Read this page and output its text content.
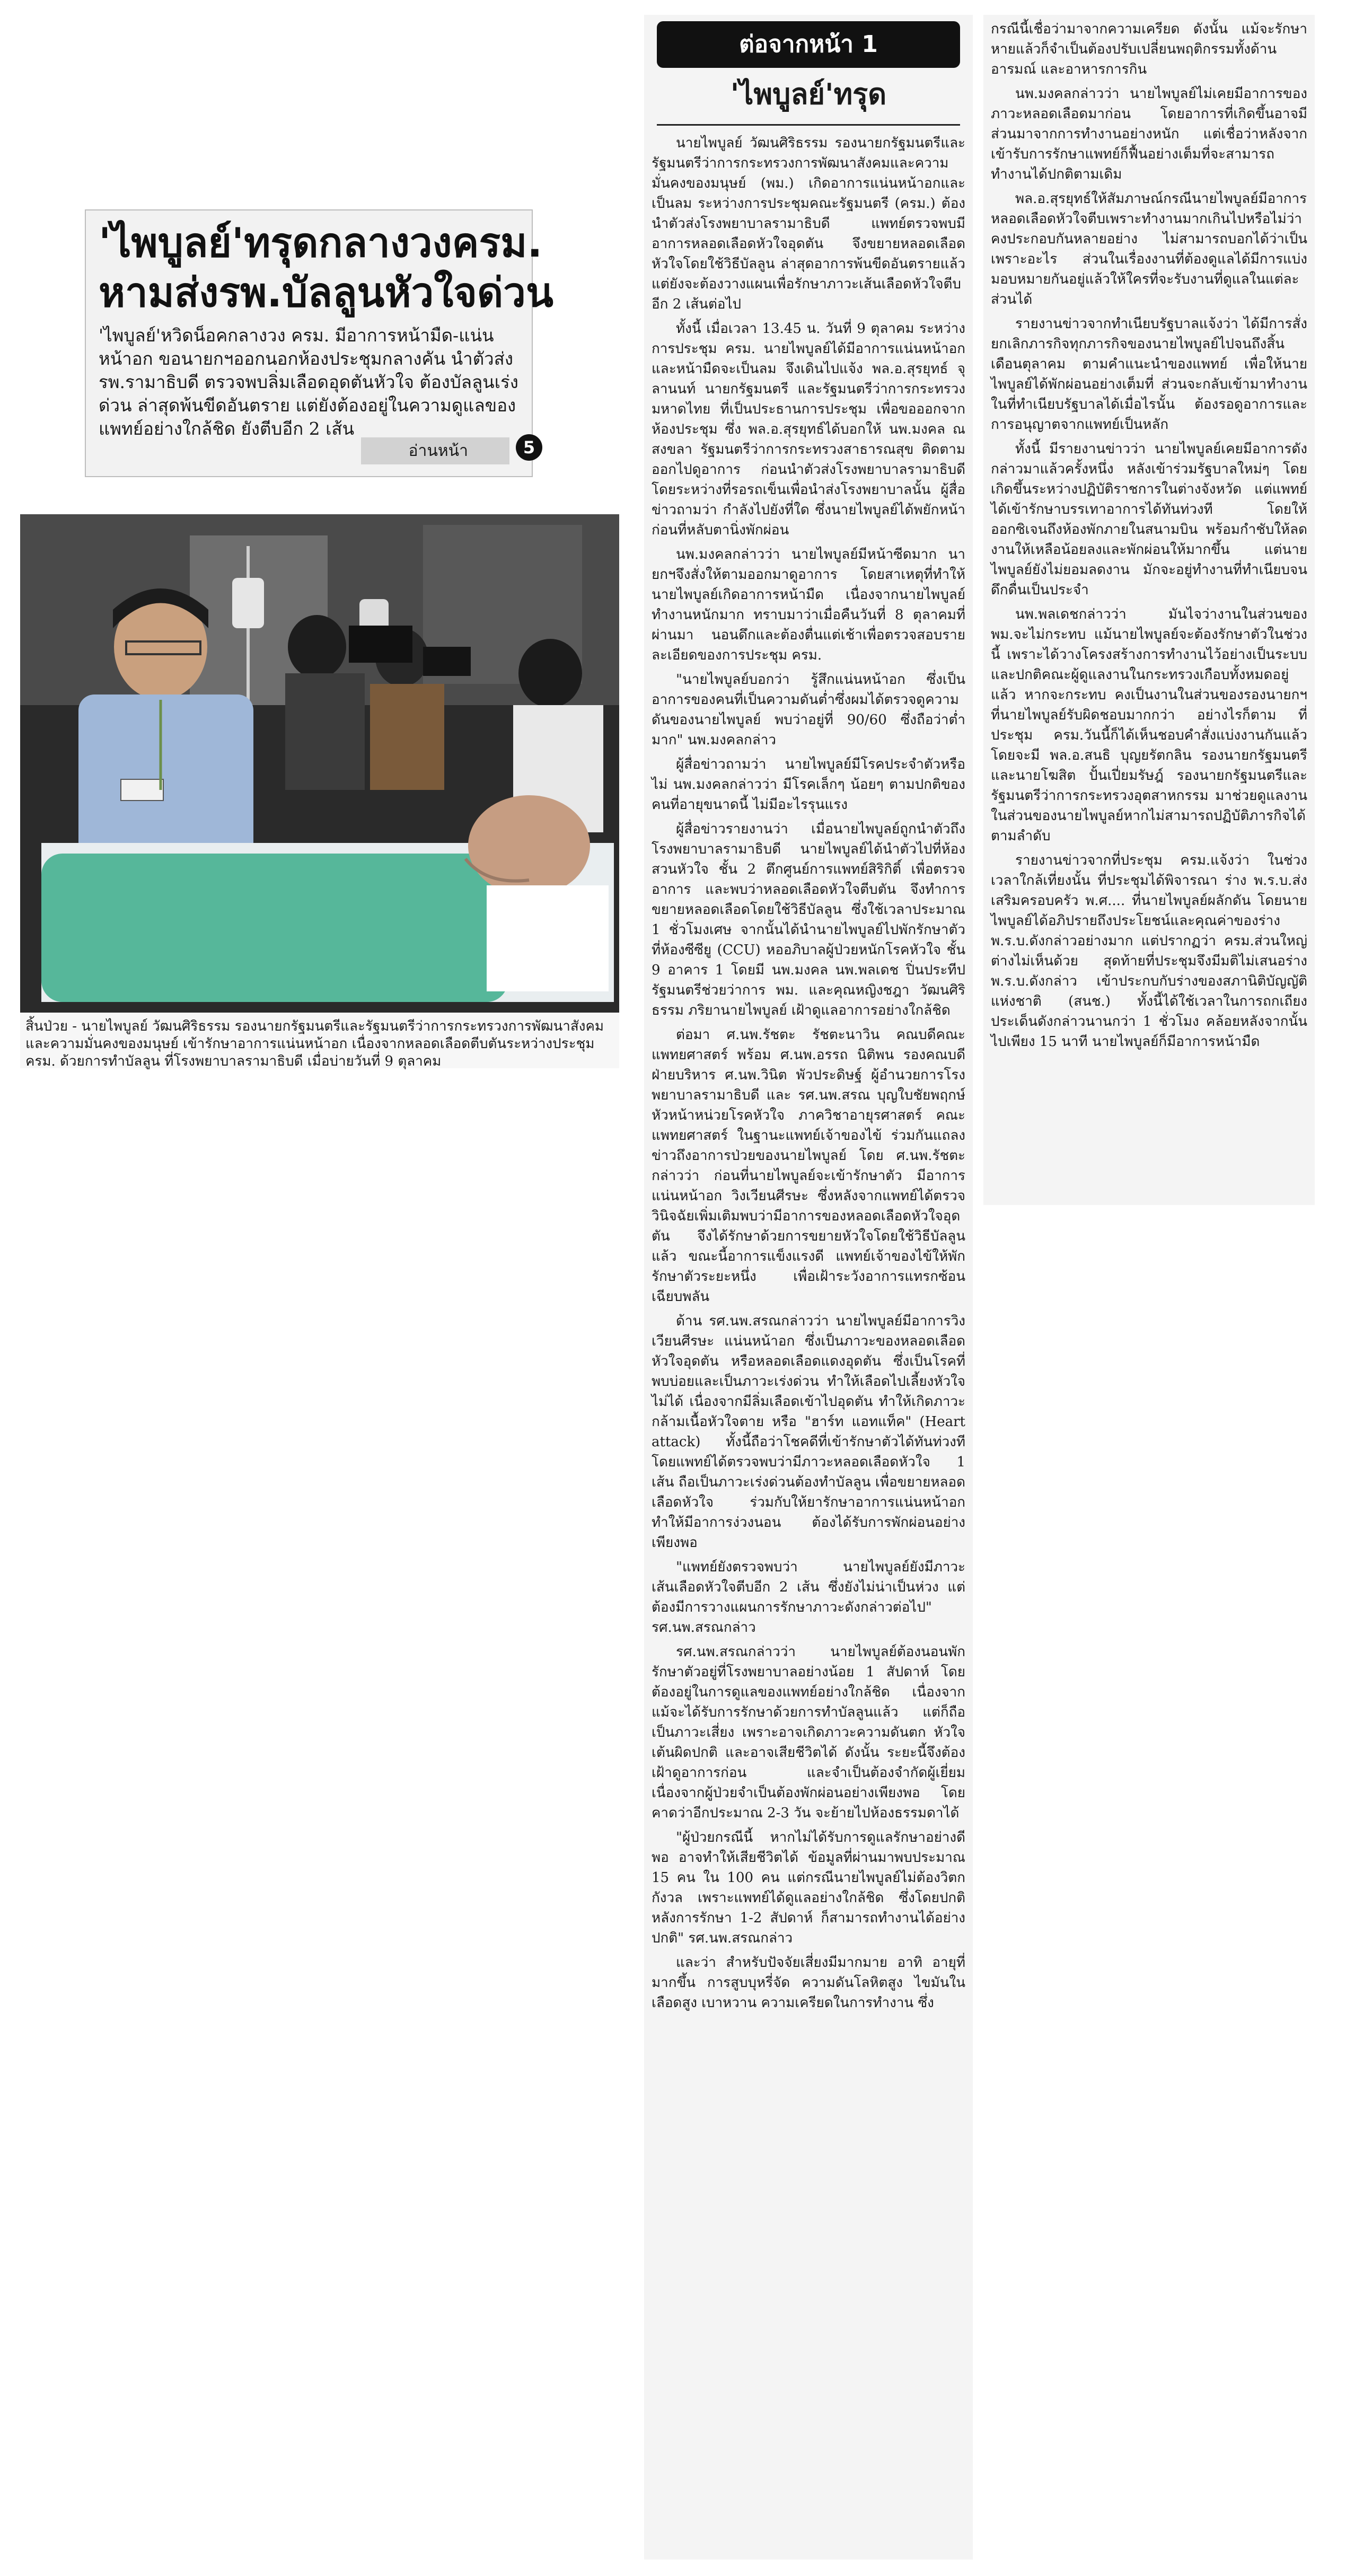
'ไพบูลย์'ทรุดกลางวงครม.
หามส่งรพ.บัลลูนหัวใจด่วน
'ไพบูลย์'หวิดน็อคกลางวง ครม. มีอาการหน้ามืด-แน่นหน้าอก ขอนายกฯออกนอกห้องประชุมกลางคัน นำตัวส่ง รพ.รามาธิบดี ตรวจพบลิ่มเลือดอุดตันหัวใจ ต้องบัลลูนเร่งด่วน ล่าสุดพ้นขีดอันตราย แต่ยังต้องอยู่ในความดูแลของแพทย์อย่างใกล้ชิด ยังตีบอีก 2 เส้น
อ่านหน้า	5
สิ้นป่วย - นายไพบูลย์ วัฒนศิริธรรม รองนายกรัฐมนตรีและรัฐมนตรีว่าการกระทรวงการพัฒนาสังคมและความมั่นคงของมนุษย์ เข้ารักษาอาการแน่นหน้าอก เนื่องจากหลอดเลือดตีบตันระหว่างประชุม ครม. ด้วยการทำบัลลูน ที่โรงพยาบาลรามาธิบดี เมื่อบ่ายวันที่ 9 ตุลาคม
ต่อจากหน้า 1
'ไพบูลย์'ทรุด

นายไพบูลย์ วัฒนศิริธรรม รองนายกรัฐมนตรีและรัฐมนตรีว่าการกระทรวงการพัฒนาสังคมและความมั่นคงของมนุษย์ (พม.) เกิดอาการแน่นหน้าอกและเป็นลม ระหว่างการประชุมคณะรัฐมนตรี (ครม.) ต้องนำตัวส่งโรงพยาบาลรามาธิบดี แพทย์ตรวจพบมีอาการหลอดเลือดหัวใจอุดตัน จึงขยายหลอดเลือดหัวใจโดยใช้วิธีบัลลูน ล่าสุดอาการพ้นขีดอันตรายแล้ว แต่ยังจะต้องวางแผนเพื่อรักษาภาวะเส้นเลือดหัวใจตีบอีก 2 เส้นต่อไป

ทั้งนี้ เมื่อเวลา 13.45 น. วันที่ 9 ตุลาคม ระหว่างการประชุม ครม. นายไพบูลย์ได้มีอาการแน่นหน้าอกและหน้ามืดจะเป็นลม จึงเดินไปแจ้ง พล.อ.สุรยุทธ์ จุลานนท์ นายกรัฐมนตรี และรัฐมนตรีว่าการกระทรวงมหาดไทย ที่เป็นประธานการประชุม เพื่อขอออกจากห้องประชุม ซึ่ง พล.อ.สุรยุทธ์ได้บอกให้ นพ.มงคล ณ สงขลา รัฐมนตรีว่าการกระทรวงสาธารณสุข ติดตามออกไปดูอาการ ก่อนนำตัวส่งโรงพยาบาลรามาธิบดี โดยระหว่างที่รอรถเข็นเพื่อนำส่งโรงพยาบาลนั้น ผู้สื่อข่าวถามว่า กำลังไปยังที่ใด ซึ่งนายไพบูลย์ได้พยักหน้าก่อนที่หลับตานิ่งพักผ่อน

นพ.มงคลกล่าวว่า นายไพบูลย์มีหน้าซีดมาก นายกฯจึงสั่งให้ตามออกมาดูอาการ โดยสาเหตุที่ทำให้นายไพบูลย์เกิดอาการหน้ามืด เนื่องจากนายไพบูลย์ทำงานหนักมาก ทราบมาว่าเมื่อคืนวันที่ 8 ตุลาคมที่ผ่านมา นอนดึกและต้องตื่นแต่เช้าเพื่อตรวจสอบรายละเอียดของการประชุม ครม.

"นายไพบูลย์บอกว่า รู้สึกแน่นหน้าอก ซึ่งเป็นอาการของคนที่เป็นความดันต่ำซึ่งผมได้ตรวจดูความดันของนายไพบูลย์ พบว่าอยู่ที่ 90/60 ซึ่งถือว่าต่ำมาก" นพ.มงคลกล่าว

ผู้สื่อข่าวถามว่า นายไพบูลย์มีโรคประจำตัวหรือไม่ นพ.มงคลกล่าวว่า มีโรคเล็กๆ น้อยๆ ตามปกติของคนที่อายุขนาดนี้ ไม่มีอะไรรุนแรง

ผู้สื่อข่าวรายงานว่า เมื่อนายไพบูลย์ถูกนำตัวถึงโรงพยาบาลรามาธิบดี นายไพบูลย์ได้นำตัวไปที่ห้องสวนหัวใจ ชั้น 2 ตึกศูนย์การแพทย์สิริกิติ์ เพื่อตรวจอาการ และพบว่าหลอดเลือดหัวใจตีบตัน จึงทำการขยายหลอดเลือดโดยใช้วิธีบัลลูน ซึ่งใช้เวลาประมาณ 1 ชั่วโมงเศษ จากนั้นได้นำนายไพบูลย์ไปพักรักษาตัวที่ห้องซีซียู (CCU) หออภิบาลผู้ป่วยหนักโรคหัวใจ ชั้น 9 อาคาร 1 โดยมี นพ.มงคล นพ.พลเดช ปิ่นประทีป รัฐมนตรีช่วยว่าการ พม. และคุณหญิงชฎา วัฒนศิริธรรม ภริยานายไพบูลย์ เฝ้าดูแลอาการอย่างใกล้ชิด

ต่อมา ศ.นพ.รัชตะ รัชตะนาวิน คณบดีคณะแพทยศาสตร์ พร้อม ศ.นพ.อรรถ นิติพน รองคณบดีฝ่ายบริหาร ศ.นพ.วินิต พัวประดิษฐ์ ผู้อำนวยการโรงพยาบาลรามาธิบดี และ รศ.นพ.สรณ บุญใบชัยพฤกษ์ หัวหน้าหน่วยโรคหัวใจ ภาควิชาอายุรศาสตร์ คณะแพทยศาสตร์ ในฐานะแพทย์เจ้าของไข้ ร่วมกันแถลงข่าวถึงอาการป่วยของนายไพบูลย์ โดย ศ.นพ.รัชตะกล่าวว่า ก่อนที่นายไพบูลย์จะเข้ารักษาตัว มีอาการแน่นหน้าอก วิงเวียนศีรษะ ซึ่งหลังจากแพทย์ได้ตรวจวินิจฉัยเพิ่มเติมพบว่ามีอาการของหลอดเลือดหัวใจอุดตัน จึงได้รักษาด้วยการขยายหัวใจโดยใช้วิธีบัลลูนแล้ว ขณะนี้อาการแข็งแรงดี แพทย์เจ้าของไข้ให้พักรักษาตัวระยะหนึ่ง เพื่อเฝ้าระวังอาการแทรกซ้อนเฉียบพลัน

ด้าน รศ.นพ.สรณกล่าวว่า นายไพบูลย์มีอาการวิงเวียนศีรษะ แน่นหน้าอก ซึ่งเป็นภาวะของหลอดเลือดหัวใจอุดตัน หรือหลอดเลือดแดงอุดตัน ซึ่งเป็นโรคที่พบบ่อยและเป็นภาวะเร่งด่วน ทำให้เลือดไปเลี้ยงหัวใจไม่ได้ เนื่องจากมีลิ่มเลือดเข้าไปอุดตัน ทำให้เกิดภาวะกล้ามเนื้อหัวใจตาย หรือ "ฮาร์ท แอทแท็ค" (Heart attack) ทั้งนี้ถือว่าโชคดีที่เข้ารักษาตัวได้ทันท่วงที โดยแพทย์ได้ตรวจพบว่ามีภาวะหลอดเลือดหัวใจ 1 เส้น ถือเป็นภาวะเร่งด่วนต้องทำบัลลูน เพื่อขยายหลอดเลือดหัวใจ ร่วมกับให้ยารักษาอาการแน่นหน้าอก ทำให้มีอาการง่วงนอน ต้องได้รับการพักผ่อนอย่างเพียงพอ

"แพทย์ยังตรวจพบว่า นายไพบูลย์ยังมีภาวะเส้นเลือดหัวใจตีบอีก 2 เส้น ซึ่งยังไม่น่าเป็นห่วง แต่ต้องมีการวางแผนการรักษาภาวะดังกล่าวต่อไป" รศ.นพ.สรณกล่าว

รศ.นพ.สรณกล่าวว่า นายไพบูลย์ต้องนอนพักรักษาตัวอยู่ที่โรงพยาบาลอย่างน้อย 1 สัปดาห์ โดยต้องอยู่ในการดูแลของแพทย์อย่างใกล้ชิด เนื่องจากแม้จะได้รับการรักษาด้วยการทำบัลลูนแล้ว แต่ก็ถือเป็นภาวะเสี่ยง เพราะอาจเกิดภาวะความดันตก หัวใจเต้นผิดปกติ และอาจเสียชีวิตได้ ดังนั้น ระยะนี้จึงต้องเฝ้าดูอาการก่อน และจำเป็นต้องจำกัดผู้เยี่ยม เนื่องจากผู้ป่วยจำเป็นต้องพักผ่อนอย่างเพียงพอ โดยคาดว่าอีกประมาณ 2-3 วัน จะย้ายไปห้องธรรมดาได้

"ผู้ป่วยกรณีนี้ หากไม่ได้รับการดูแลรักษาอย่างดีพอ อาจทำให้เสียชีวิตได้ ข้อมูลที่ผ่านมาพบประมาณ 15 คน ใน 100 คน แต่กรณีนายไพบูลย์ไม่ต้องวิตกกังวล เพราะแพทย์ได้ดูแลอย่างใกล้ชิด ซึ่งโดยปกติหลังการรักษา 1-2 สัปดาห์ ก็สามารถทำงานได้อย่างปกติ" รศ.นพ.สรณกล่าว

และว่า สำหรับปัจจัยเสี่ยงมีมากมาย อาทิ อายุที่มากขึ้น การสูบบุหรี่จัด ความดันโลหิตสูง ไขมันในเลือดสูง เบาหวาน ความเครียดในการทำงาน ซึ่ง

กรณีนี้เชื่อว่ามาจากความเครียด ดังนั้น แม้จะรักษาหายแล้วก็จำเป็นต้องปรับเปลี่ยนพฤติกรรมทั้งด้านอารมณ์ และอาหารการกิน

นพ.มงคลกล่าวว่า นายไพบูลย์ไม่เคยมีอาการของภาวะหลอดเลือดมาก่อน โดยอาการที่เกิดขึ้นอาจมีส่วนมาจากการทำงานอย่างหนัก แต่เชื่อว่าหลังจากเข้ารับการรักษาแพทย์ก็ฟื้นอย่างเต็มที่จะสามารถทำงานได้ปกติตามเดิม

พล.อ.สุรยุทธ์ให้สัมภาษณ์กรณีนายไพบูลย์มีอาการหลอดเลือดหัวใจตีบเพราะทำงานมากเกินไปหรือไม่ว่า คงประกอบกันหลายอย่าง ไม่สามารถบอกได้ว่าเป็นเพราะอะไร ส่วนในเรื่องงานที่ต้องดูแลได้มีการแบ่งมอบหมายกันอยู่แล้วให้ใครที่จะรับงานที่ดูแลในแต่ละส่วนได้

รายงานข่าวจากทำเนียบรัฐบาลแจ้งว่า ได้มีการสั่งยกเลิกภารกิจทุกภารกิจของนายไพบูลย์ไปจนถึงสิ้นเดือนตุลาคม ตามคำแนะนำของแพทย์ เพื่อให้นายไพบูลย์ได้พักผ่อนอย่างเต็มที่ ส่วนจะกลับเข้ามาทำงานในที่ทำเนียบรัฐบาลได้เมื่อไรนั้น ต้องรอดูอาการและการอนุญาตจากแพทย์เป็นหลัก

ทั้งนี้ มีรายงานข่าวว่า นายไพบูลย์เคยมีอาการดังกล่าวมาแล้วครั้งหนึ่ง หลังเข้าร่วมรัฐบาลใหม่ๆ โดยเกิดขึ้นระหว่างปฏิบัติราชการในต่างจังหวัด แต่แพทย์ได้เข้ารักษาบรรเทาอาการได้ทันท่วงที โดยให้ออกซิเจนถึงห้องพักภายในสนามบิน พร้อมกำชับให้ลดงานให้เหลือน้อยลงและพักผ่อนให้มากขึ้น แต่นายไพบูลย์ยังไม่ยอมลดงาน มักจะอยู่ทำงานที่ทำเนียบจนดึกดื่นเป็นประจำ

นพ.พลเดชกล่าวว่า มันไจว่างานในส่วนของ พม.จะไม่กระทบ แม้นายไพบูลย์จะต้องรักษาตัวในช่วงนี้ เพราะได้วางโครงสร้างการทำงานไว้อย่างเป็นระบบ และปกติคณะผู้ดูแลงานในกระทรวงเกือบทั้งหมดอยู่แล้ว หากจะกระทบ คงเป็นงานในส่วนของรองนายกฯที่นายไพบูลย์รับผิดชอบมากกว่า อย่างไรก็ตาม ที่ประชุม ครม.วันนี้ก็ได้เห็นชอบคำสั่งแบ่งงานกันแล้ว โดยจะมี พล.อ.สนธิ บุญยรัตกลิน รองนายกรัฐมนตรี และนายโฆสิต ปั้นเปี่ยมรัษฎ์ รองนายกรัฐมนตรีและรัฐมนตรีว่าการกระทรวงอุตสาหกรรม มาช่วยดูแลงานในส่วนของนายไพบูลย์หากไม่สามารถปฏิบัติภารกิจได้ตามลำดับ

รายงานข่าวจากที่ประชุม ครม.แจ้งว่า ในช่วงเวลาใกล้เที่ยงนั้น ที่ประชุมได้พิจารณา ร่าง พ.ร.บ.ส่งเสริมครอบครัว พ.ศ.... ที่นายไพบูลย์ผลักดัน โดยนายไพบูลย์ได้อภิปรายถึงประโยชน์และคุณค่าของร่าง พ.ร.บ.ดังกล่าวอย่างมาก แต่ปรากฏว่า ครม.ส่วนใหญ่ต่างไม่เห็นด้วย สุดท้ายที่ประชุมจึงมีมติไม่เสนอร่าง พ.ร.บ.ดังกล่าว เข้าประกบกับร่างของสภานิติบัญญัติแห่งชาติ (สนช.) ทั้งนี้ได้ใช้เวลาในการถกเถียงประเด็นดังกล่าวนานกว่า 1 ชั่วโมง คล้อยหลังจากนั้นไปเพียง 15 นาที นายไพบูลย์ก็มีอาการหน้ามืด
